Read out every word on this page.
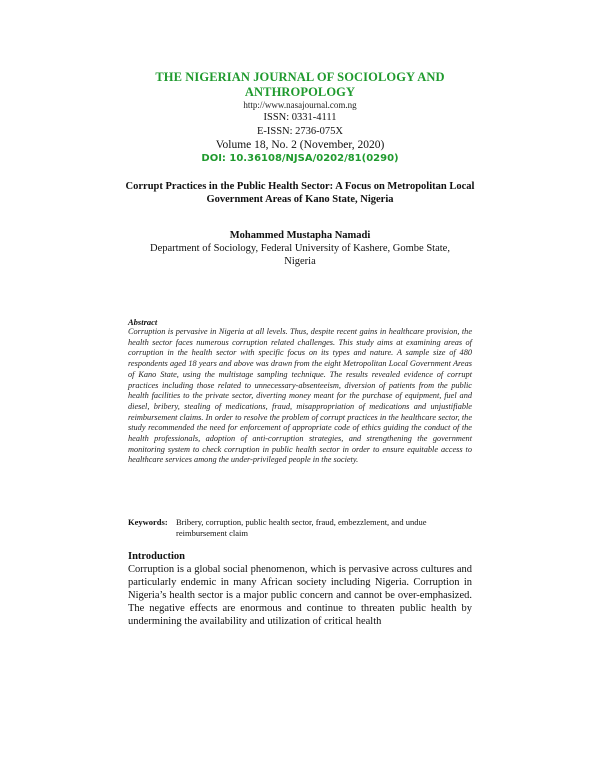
THE NIGERIAN JOURNAL OF SOCIOLOGY AND ANTHROPOLOGY
http://www.nasajournal.com.ng
ISSN: 0331-4111
E-ISSN: 2736-075X
Volume 18, No. 2 (November, 2020)
DOI: 10.36108/NJSA/0202/81(0290)
Corrupt Practices in the Public Health Sector: A Focus on Metropolitan Local Government Areas of Kano State, Nigeria
Mohammed Mustapha Namadi
Department of Sociology, Federal University of Kashere, Gombe State, Nigeria
Abstract
Corruption is pervasive in Nigeria at all levels. Thus, despite recent gains in healthcare provision, the health sector faces numerous corruption related challenges. This study aims at examining areas of corruption in the health sector with specific focus on its types and nature. A sample size of 480 respondents aged 18 years and above was drawn from the eight Metropolitan Local Government Areas of Kano State, using the multistage sampling technique. The results revealed evidence of corrupt practices including those related to unnecessary-absenteeism, diversion of patients from the public health facilities to the private sector, diverting money meant for the purchase of equipment, fuel and diesel, bribery, stealing of medications, fraud, misappropriation of medications and unjustifiable reimbursement claims. In order to resolve the problem of corrupt practices in the healthcare sector, the study recommended the need for enforcement of appropriate code of ethics guiding the conduct of the health professionals, adoption of anti-corruption strategies, and strengthening the government monitoring system to check corruption in public health sector in order to ensure equitable access to healthcare services among the under-privileged people in the society.
Keywords: Bribery, corruption, public health sector, fraud, embezzlement, and undue reimbursement claim
Introduction
Corruption is a global social phenomenon, which is pervasive across cultures and particularly endemic in many African society including Nigeria. Corruption in Nigeria’s health sector is a major public concern and cannot be over-emphasized. The negative effects are enormous and continue to threaten public health by undermining the availability and utilization of critical health
